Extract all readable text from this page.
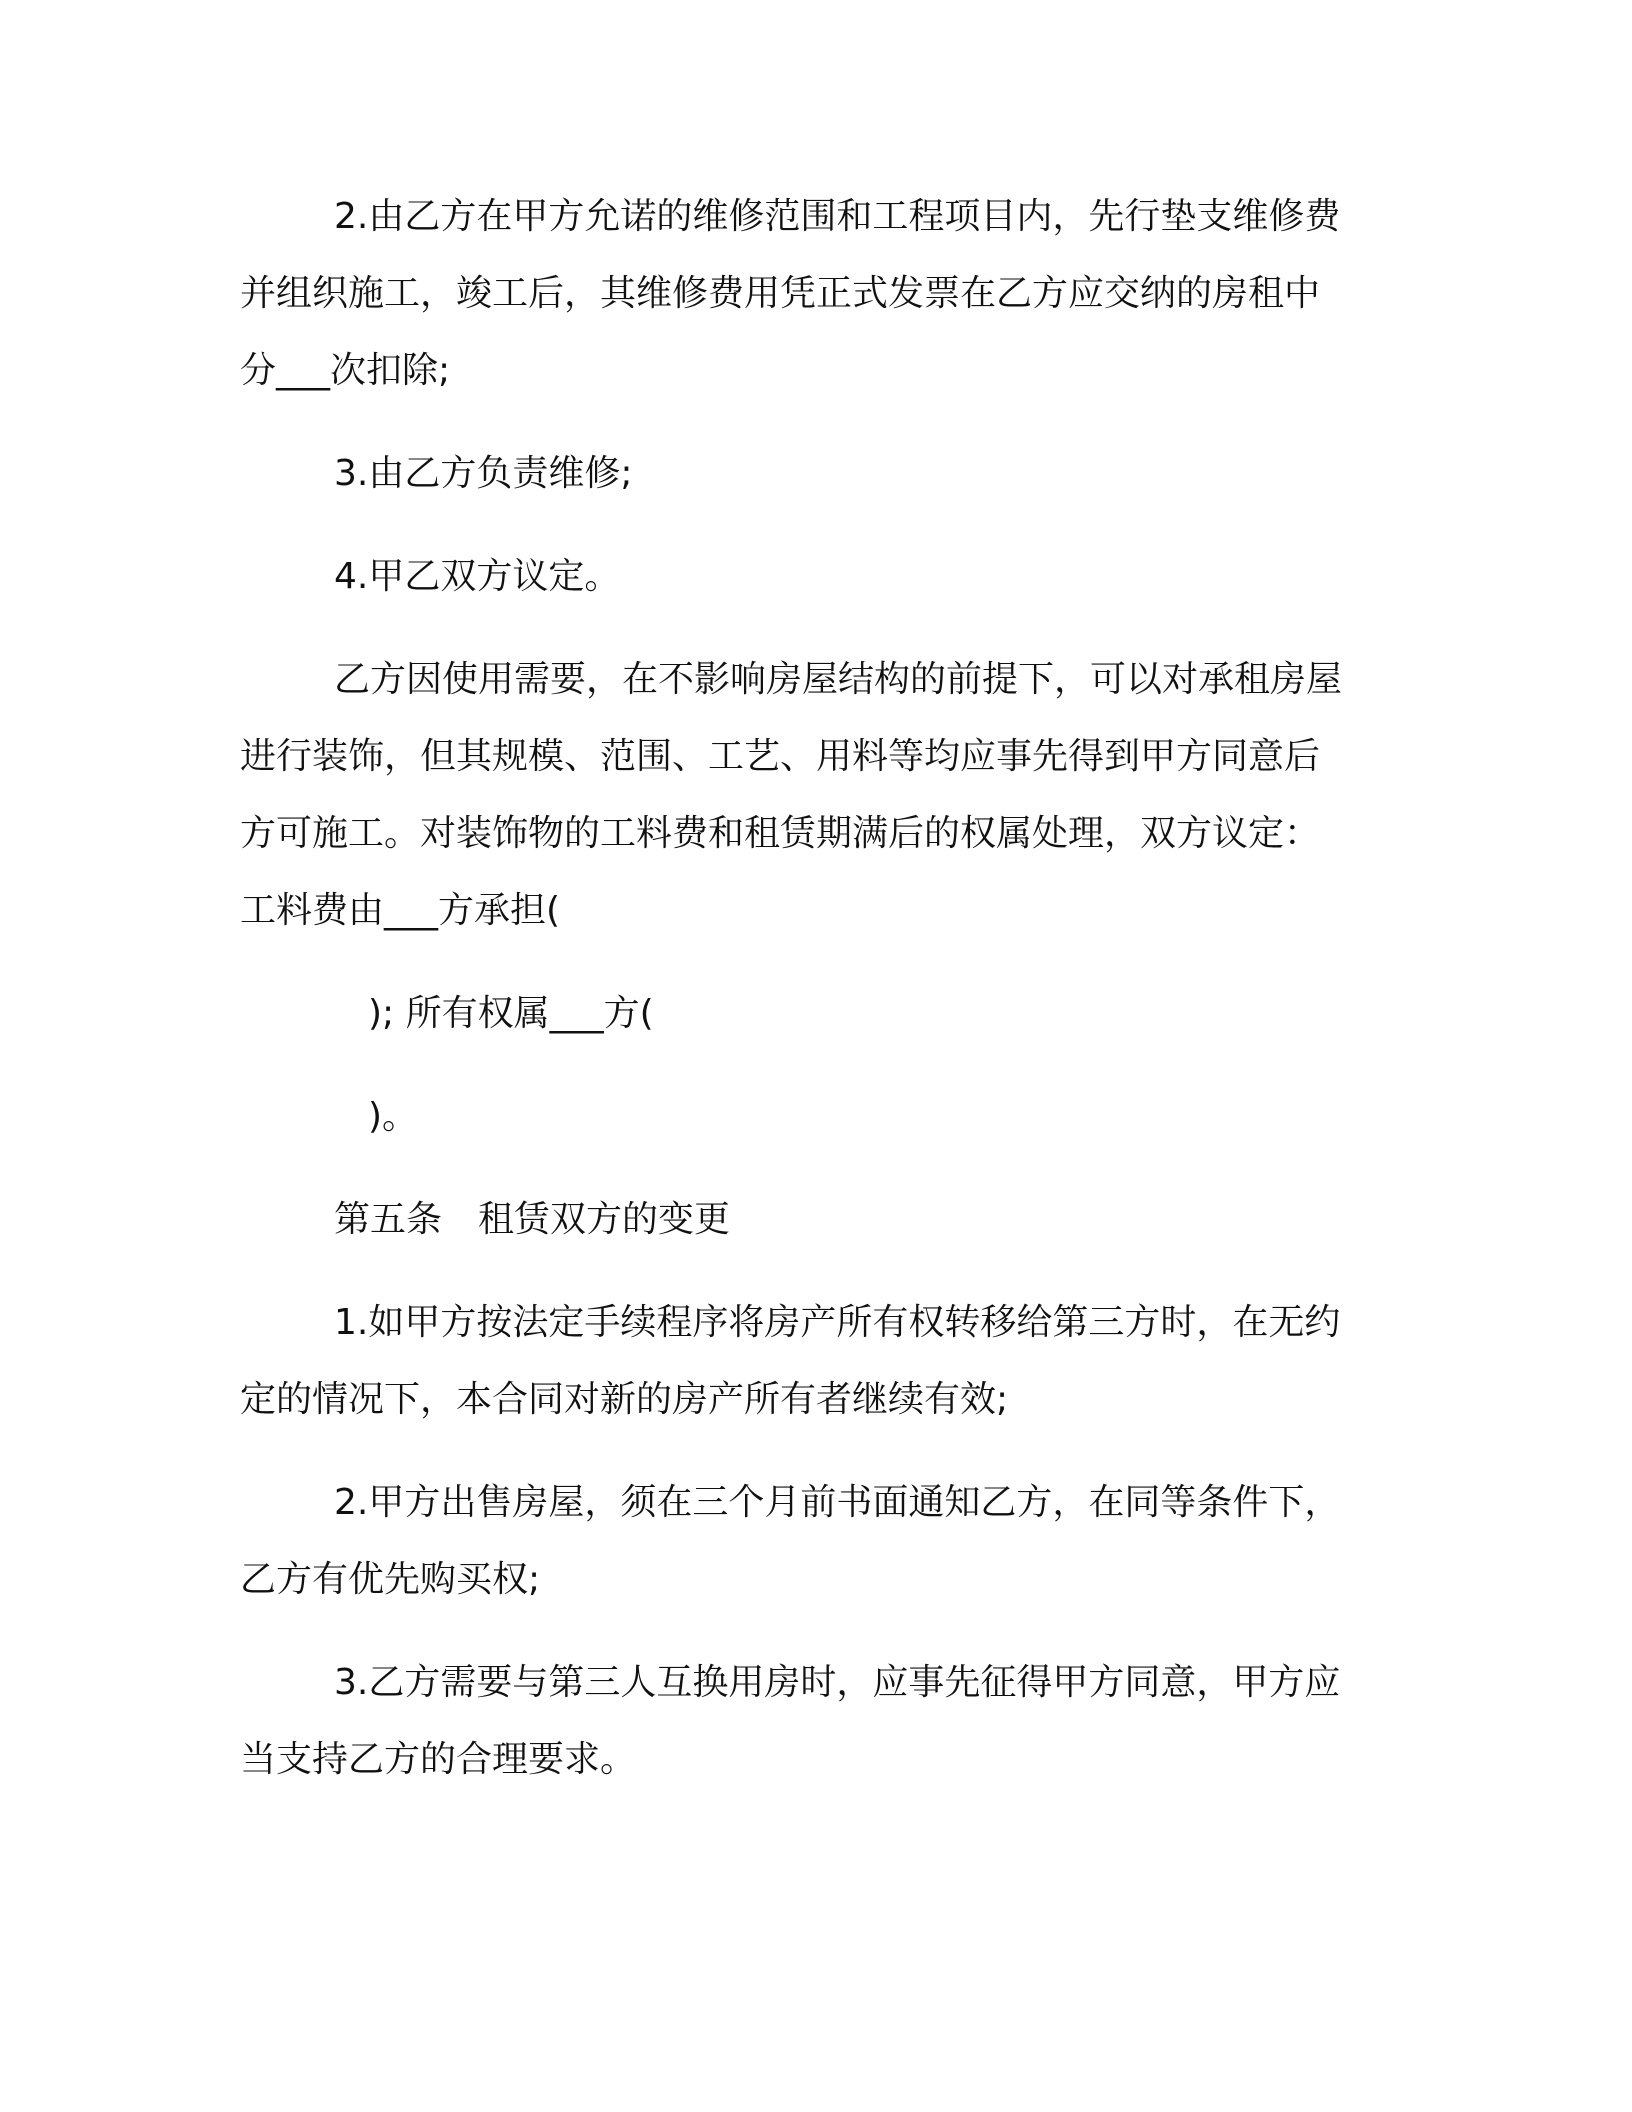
2.由乙方在甲方允诺的维修范围和工程项目内，先行垫支维修费
并组织施工，竣工后，其维修费用凭正式发票在乙方应交纳的房租中
分___次扣除;
3.由乙方负责维修;
4.甲乙双方议定。
乙方因使用需要，在不影响房屋结构的前提下，可以对承租房屋
进行装饰，但其规模、范围、工艺、用料等均应事先得到甲方同意后
方可施工。对装饰物的工料费和租赁期满后的权属处理，双方议定：
工料费由___方承担(
); 所有权属___方(
)。
第五条　租赁双方的变更
1.如甲方按法定手续程序将房产所有权转移给第三方时，在无约
定的情况下，本合同对新的房产所有者继续有效;
2.甲方出售房屋，须在三个月前书面通知乙方，在同等条件下，
乙方有优先购买权;
3.乙方需要与第三人互换用房时，应事先征得甲方同意，甲方应
当支持乙方的合理要求。
